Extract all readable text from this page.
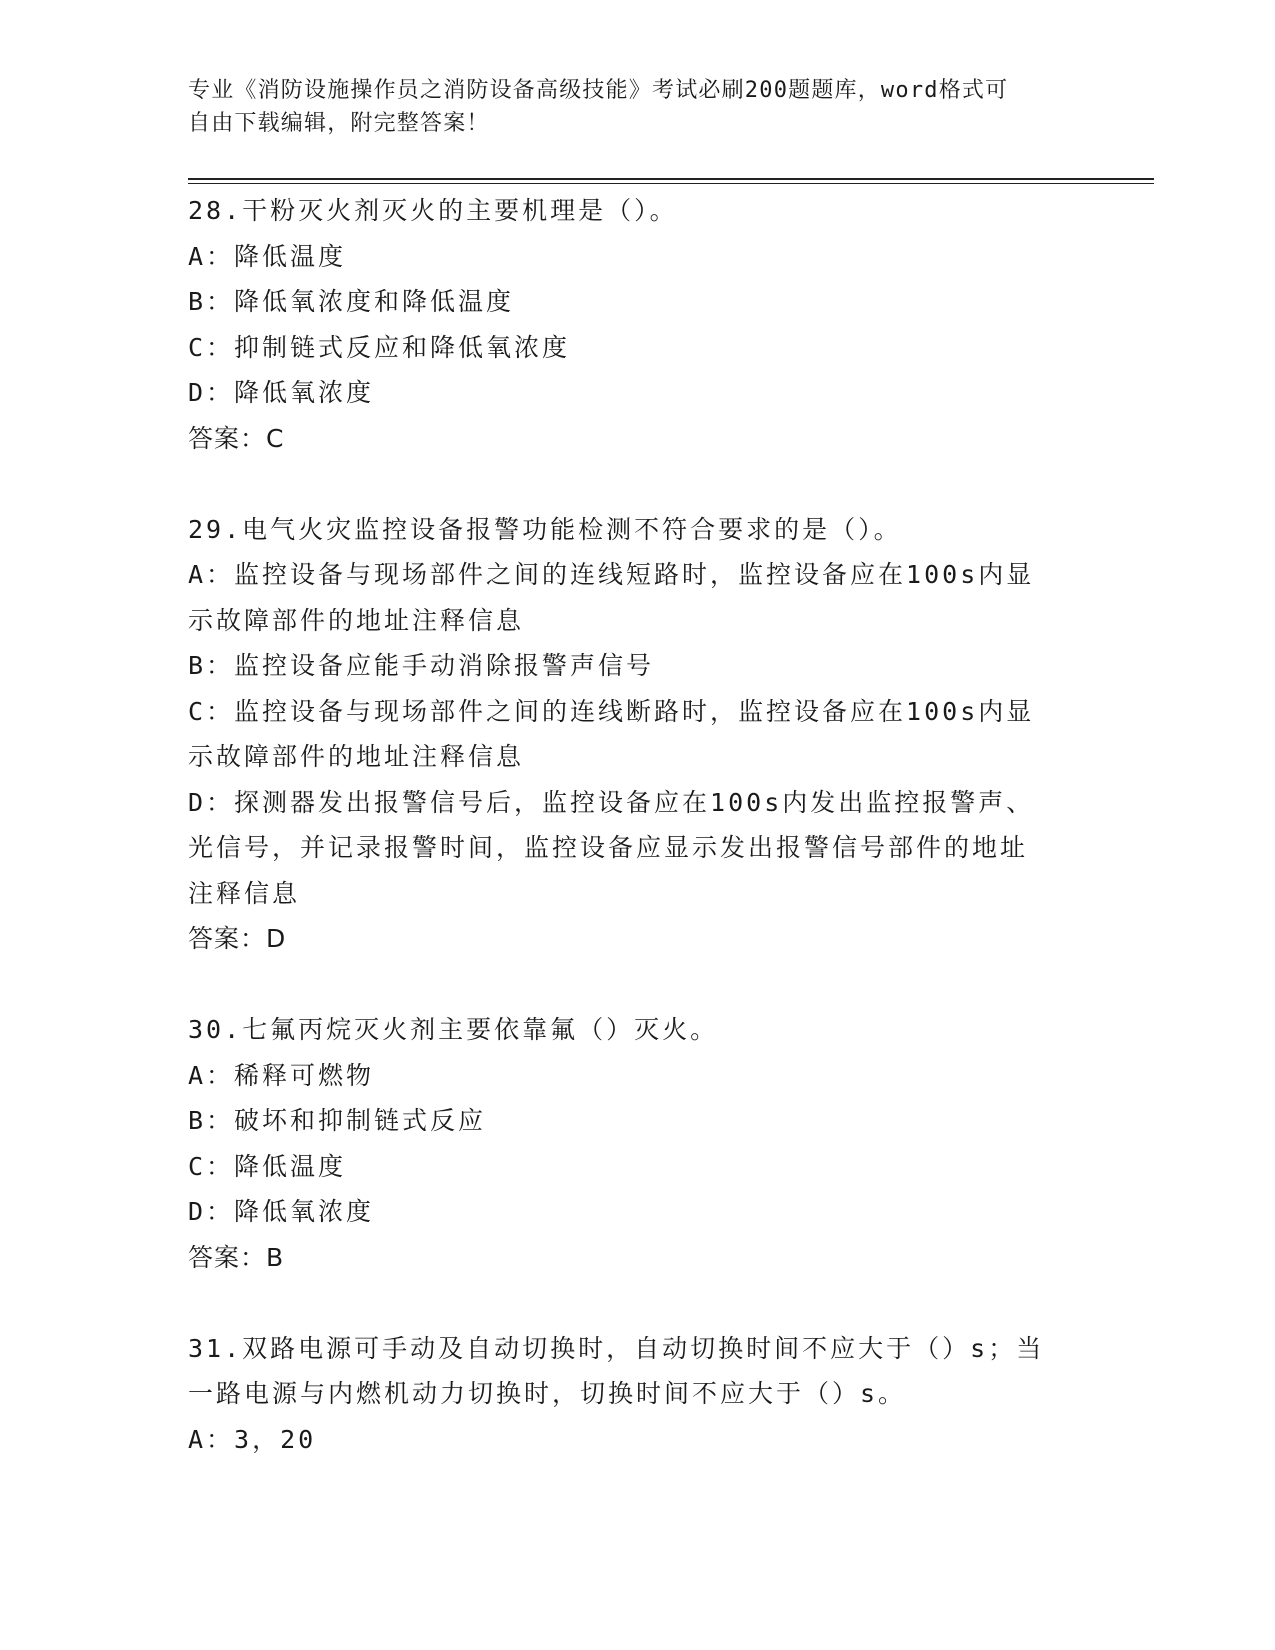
专业《消防设施操作员之消防设备高级技能》考试必刷200题题库，word格式可
自由下载编辑，附完整答案！
28.干粉灭火剂灭火的主要机理是（）。
A：降低温度
B：降低氧浓度和降低温度
C：抑制链式反应和降低氧浓度
D：降低氧浓度
答案：C
29.电气火灾监控设备报警功能检测不符合要求的是（）。
A：监控设备与现场部件之间的连线短路时，监控设备应在100s内显
示故障部件的地址注释信息
B：监控设备应能手动消除报警声信号
C：监控设备与现场部件之间的连线断路时，监控设备应在100s内显
示故障部件的地址注释信息
D：探测器发出报警信号后，监控设备应在100s内发出监控报警声、
光信号，并记录报警时间，监控设备应显示发出报警信号部件的地址
注释信息
答案：D
30.七氟丙烷灭火剂主要依靠氟（）灭火。
A：稀释可燃物
B：破坏和抑制链式反应
C：降低温度
D：降低氧浓度
答案：B
31.双路电源可手动及自动切换时，自动切换时间不应大于（）s；当
一路电源与内燃机动力切换时，切换时间不应大于（）s。
A：3，20
